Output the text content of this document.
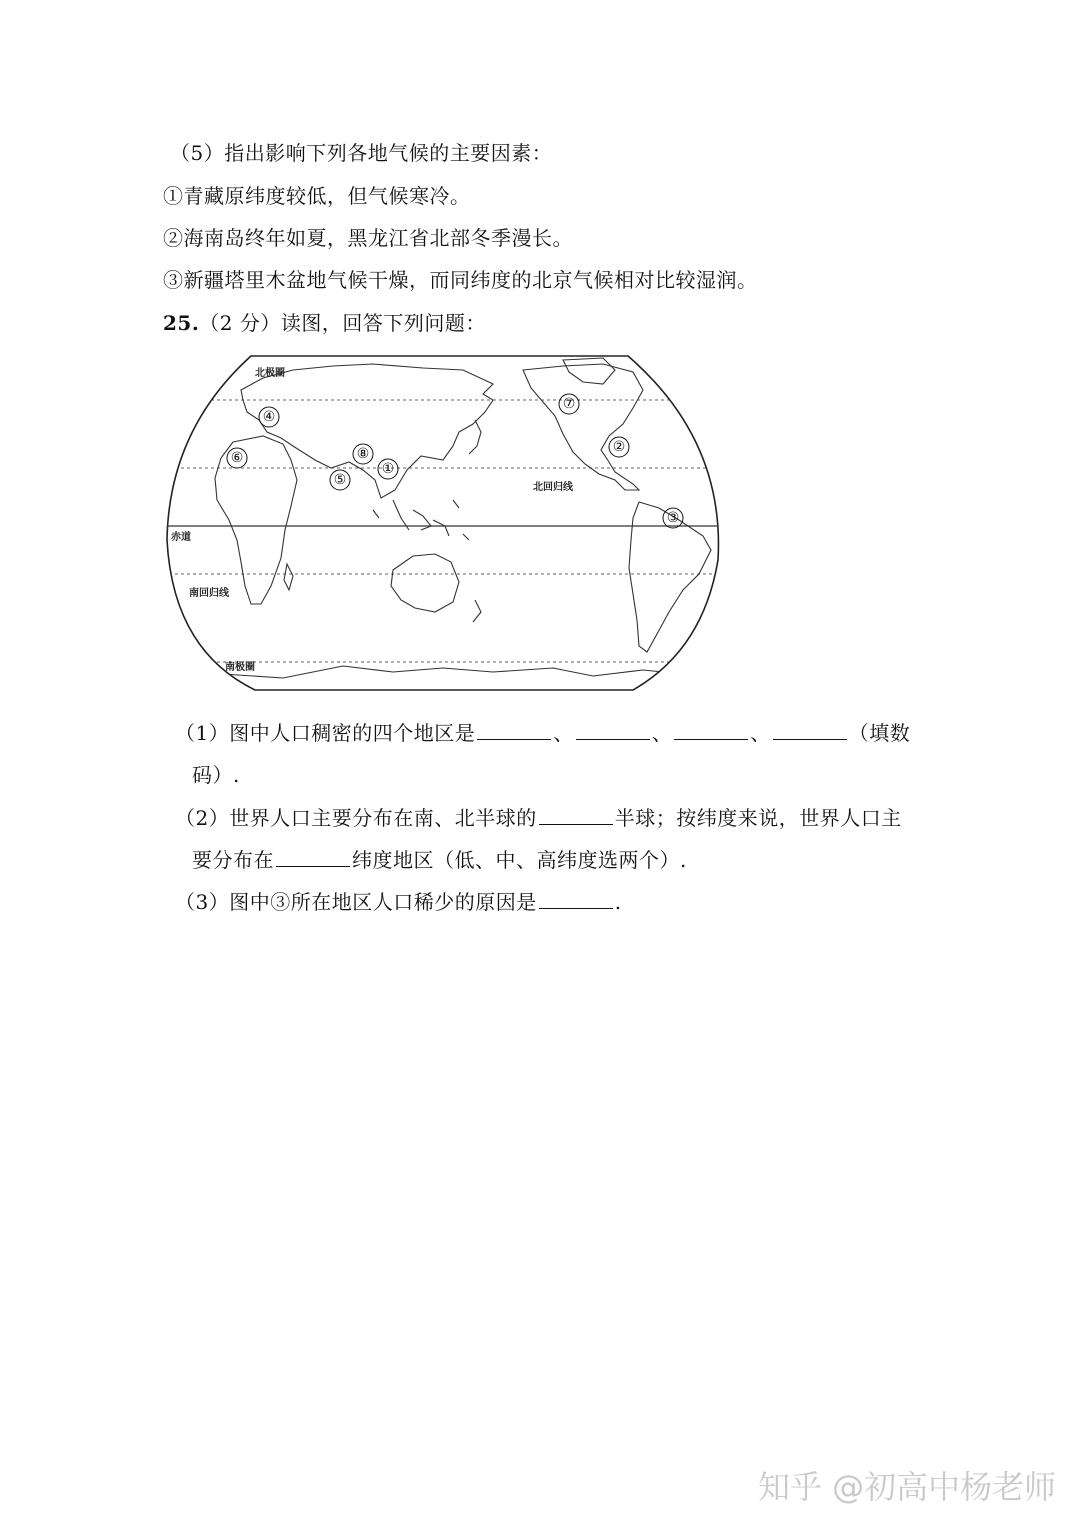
（5）指出影响下列各地气候的主要因素：
①青藏原纬度较低，但气候寒冷。
②海南岛终年如夏，黑龙江省北部冬季漫长。
③新疆塔里木盆地气候干燥，而同纬度的北京气候相对比较湿润。
25.（2 分）读图，回答下列问题：
北极圈
北回归线
赤道
南回归线
南极圈
①
②
③
④
⑤
⑥
⑦
⑧
（1）图中人口稠密的四个地区是	、	、	、	（填数
码）.
（2）世界人口主要分布在南、北半球的	半球；按纬度来说，世界人口主
要分布在	纬度地区（低、中、高纬度选两个）.
（3）图中③所在地区人口稀少的原因是	.
知乎 @初高中杨老师
